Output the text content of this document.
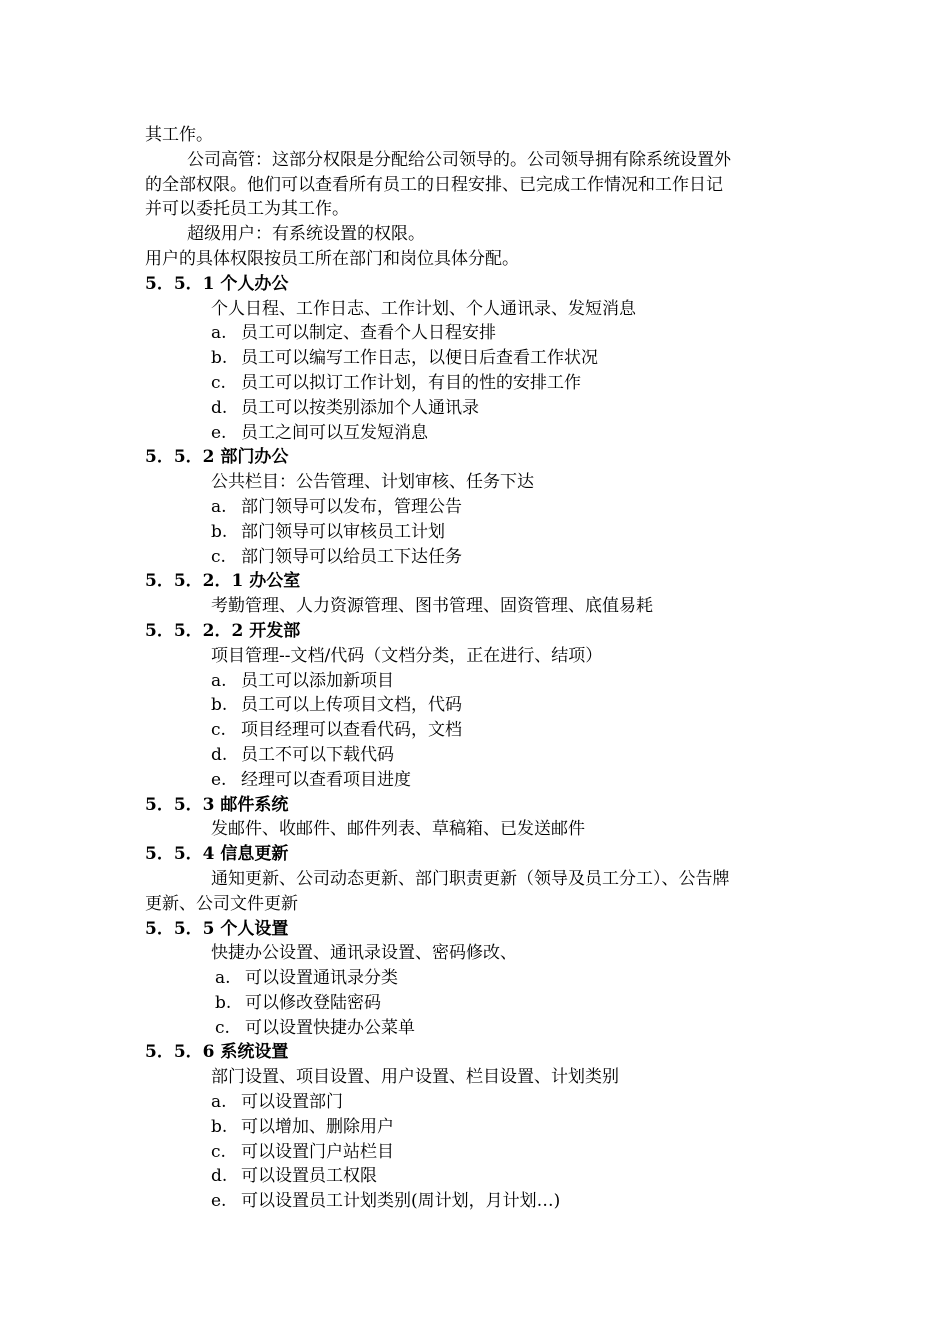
其工作。
公司高管：这部分权限是分配给公司领导的。公司领导拥有除系统设置外
的全部权限。他们可以查看所有员工的日程安排、已完成工作情况和工作日记
并可以委托员工为其工作。
超级用户：有系统设置的权限。
用户的具体权限按员工所在部门和岗位具体分配。
5．5．1 个人办公
个人日程、工作日志、工作计划、个人通讯录、发短消息
a. 员工可以制定、查看个人日程安排
b. 员工可以编写工作日志，以便日后查看工作状况
c. 员工可以拟订工作计划，有目的性的安排工作
d. 员工可以按类别添加个人通讯录
e. 员工之间可以互发短消息
5．5．2 部门办公
公共栏目：公告管理、计划审核、任务下达
a. 部门领导可以发布，管理公告
b. 部门领导可以审核员工计划
c. 部门领导可以给员工下达任务
5．5．2．1 办公室
考勤管理、人力资源管理、图书管理、固资管理、底值易耗
5．5．2．2 开发部
项目管理--文档/代码（文档分类，正在进行、结项）
a. 员工可以添加新项目
b. 员工可以上传项目文档，代码
c. 项目经理可以查看代码，文档
d. 员工不可以下载代码
e. 经理可以查看项目进度
5．5．3 邮件系统
发邮件、收邮件、邮件列表、草稿箱、已发送邮件
5．5．4 信息更新
通知更新、公司动态更新、部门职责更新（领导及员工分工）、公告牌
更新、公司文件更新
5．5．5 个人设置
快捷办公设置、通讯录设置、密码修改、
a. 可以设置通讯录分类
b. 可以修改登陆密码
c. 可以设置快捷办公菜单
5．5．6 系统设置
部门设置、项目设置、用户设置、栏目设置、计划类别
a. 可以设置部门
b. 可以增加、删除用户
c. 可以设置门户站栏目
d. 可以设置员工权限
e. 可以设置员工计划类别(周计划，月计划…)
